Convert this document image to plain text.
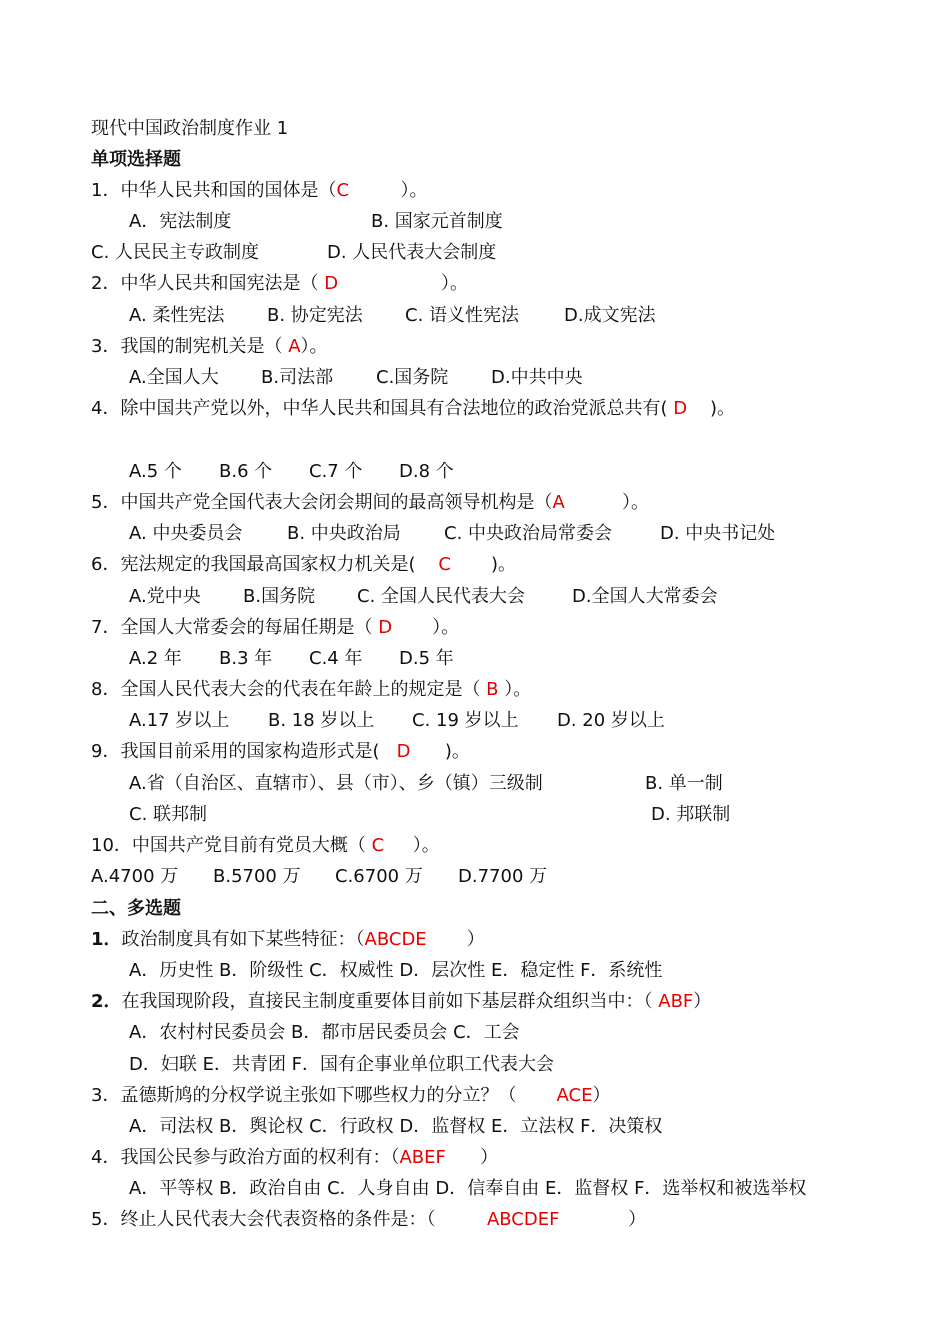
现代中国政治制度作业 1
单项选择题
1．中华人民共和国的国体是（C         ）。
A．宪法制度	B. 国家元首制度
C. 人民民主专政制度	D. 人民代表大会制度
2．中华人民共和国宪法是（ D                  ）。
A. 柔性宪法 B. 协定宪法 C. 语义性宪法 D.成文宪法
3．我国的制宪机关是（ A）。
A.全国人大 B.司法部 C.国务院 D.中共中央
4．除中国共产党以外，中华人民共和国具有合法地位的政治党派总共有( D    )。
A.5 个 B.6 个 C.7 个 D.8 个
5．中国共产党全国代表大会闭会期间的最高领导机构是（A          ）。
A. 中央委员会 B. 中央政治局 C. 中央政治局常委会	D. 中央书记处
6．宪法规定的我国最高国家权力机关是(    C       )。
A.党中央 B.国务院 C. 全国人民代表大会	D.全国人大常委会
7．全国人大常委会的每届任期是（ D       ）。
A.2 年 B.3 年 C.4 年 D.5 年
8．全国人民代表大会的代表在年龄上的规定是（ B ）。
A.17 岁以上 B. 18 岁以上 C. 19 岁以上 D. 20 岁以上
9．我国目前采用的国家构造形式是(   D      )。
A.省（自治区、直辖市）、县（市）、乡（镇）三级制	B. 单一制
C. 联邦制	D. 邦联制
10．中国共产党目前有党员大概（ C     ）。
A.4700 万 B.5700 万 C.6700 万 D.7700 万
二、多选题
1．政治制度具有如下某些特征：（ABCDE       ）
A．历史性 B．阶级性 C．权威性 D．层次性 E．稳定性 F．系统性
2．在我国现阶段，直接民主制度重要体目前如下基层群众组织当中：（ ABF）
A．农村村民委员会 B．都市居民委员会 C．工会
D．妇联 E．共青团 F．国有企事业单位职工代表大会
3．孟德斯鸠的分权学说主张如下哪些权力的分立？（       ACE）
A．司法权 B．舆论权 C．行政权 D．监督权 E．立法权 F．决策权
4．我国公民参与政治方面的权利有：（ABEF      ）
A．平等权 B．政治自由 C．人身自由 D．信奉自由 E．监督权 F．选举权和被选举权
5．终止人民代表大会代表资格的条件是：（         ABCDEF            ）
